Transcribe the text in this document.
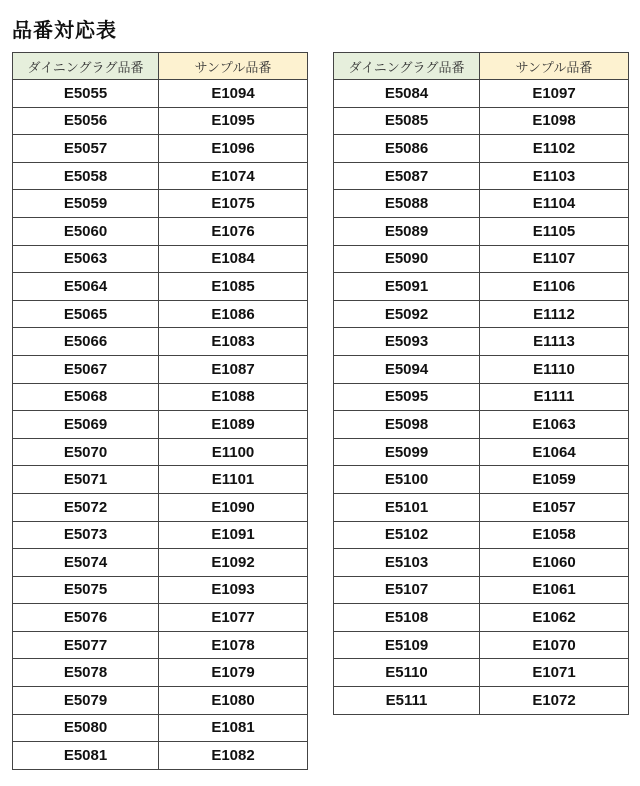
品番対応表
ダイニングラグ品番	サンプル品番
E5055	E1094
E5056	E1095
E5057	E1096
E5058	E1074
E5059	E1075
E5060	E1076
E5063	E1084
E5064	E1085
E5065	E1086
E5066	E1083
E5067	E1087
E5068	E1088
E5069	E1089
E5070	E1100
E5071	E1101
E5072	E1090
E5073	E1091
E5074	E1092
E5075	E1093
E5076	E1077
E5077	E1078
E5078	E1079
E5079	E1080
E5080	E1081
E5081	E1082
ダイニングラグ品番	サンプル品番
E5084	E1097
E5085	E1098
E5086	E1102
E5087	E1103
E5088	E1104
E5089	E1105
E5090	E1107
E5091	E1106
E5092	E1112
E5093	E1113
E5094	E1110
E5095	E1111
E5098	E1063
E5099	E1064
E5100	E1059
E5101	E1057
E5102	E1058
E5103	E1060
E5107	E1061
E5108	E1062
E5109	E1070
E5110	E1071
E5111	E1072
